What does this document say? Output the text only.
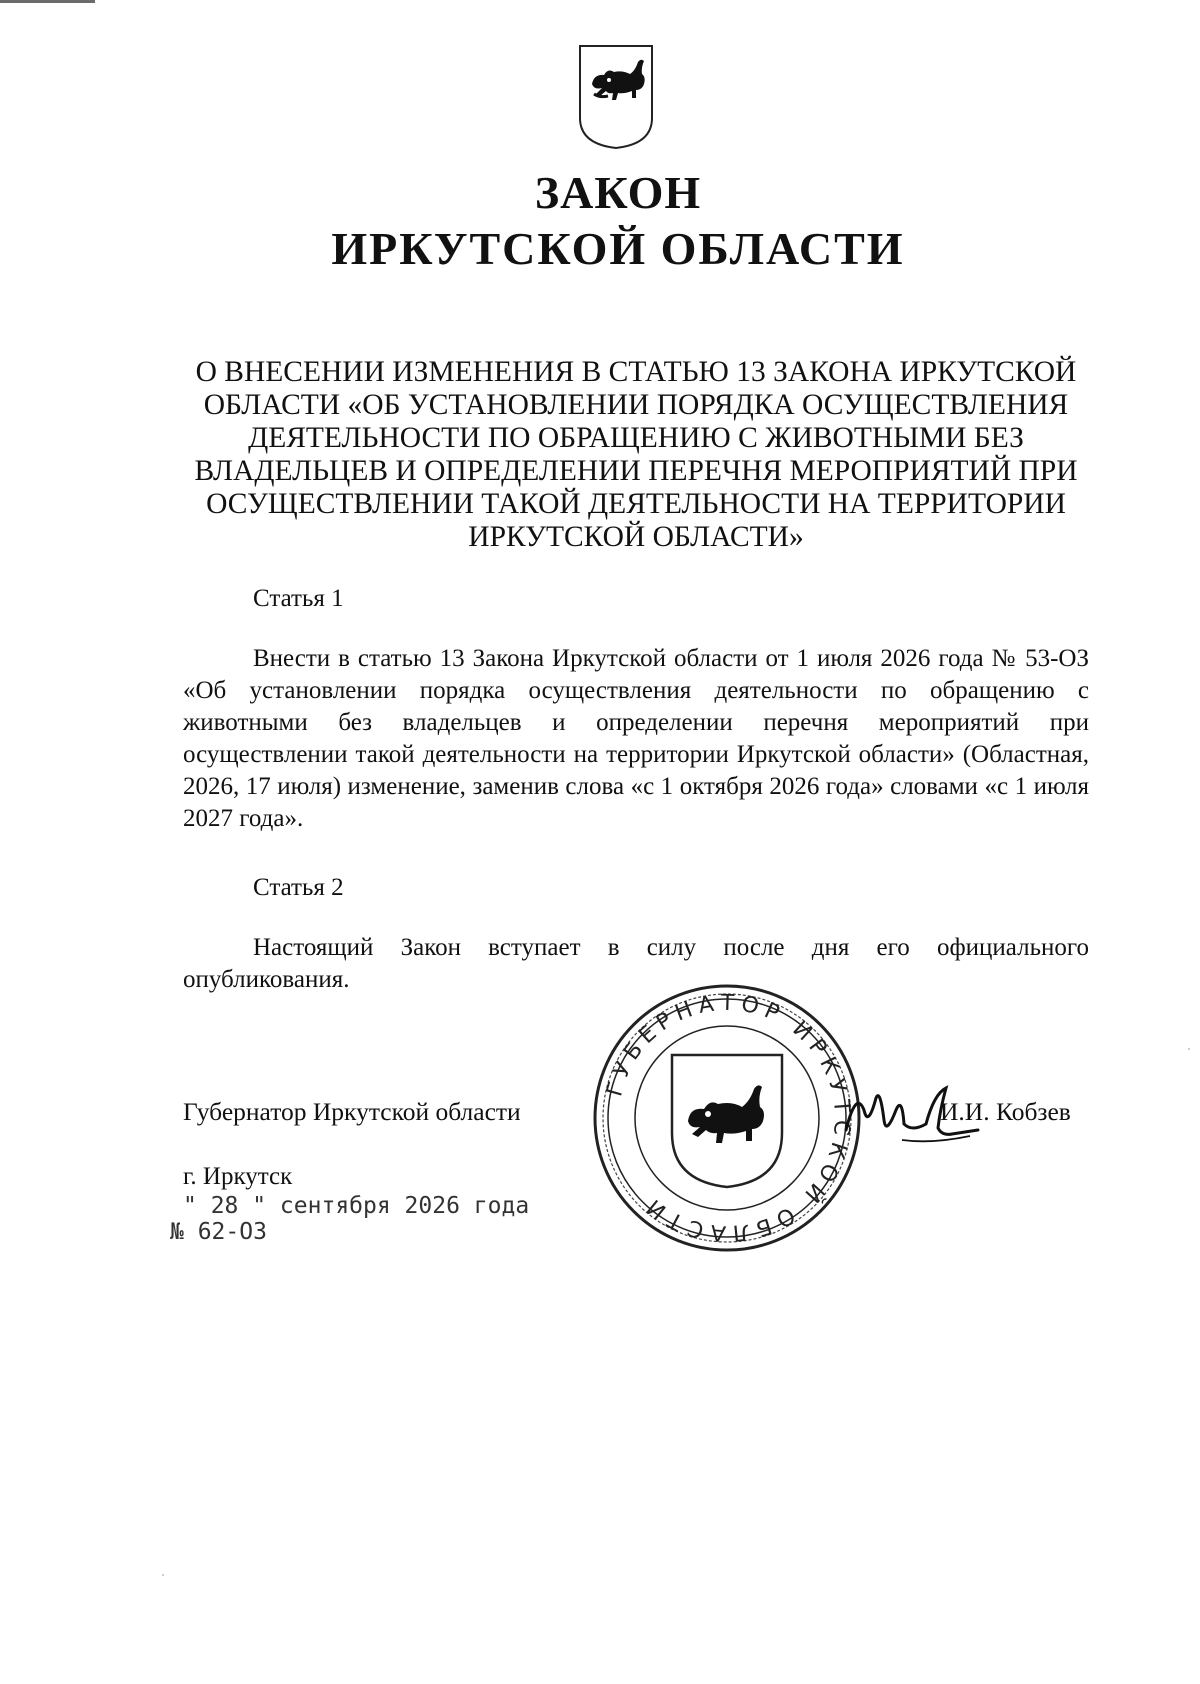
ЗАКОН
ИРКУТСКОЙ ОБЛАСТИ

О ВНЕСЕНИИ ИЗМЕНЕНИЯ В СТАТЬЮ 13 ЗАКОНА ИРКУТСКОЙ ОБЛАСТИ «ОБ УСТАНОВЛЕНИИ ПОРЯДКА ОСУЩЕСТВЛЕНИЯ ДЕЯТЕЛЬНОСТИ ПО ОБРАЩЕНИЮ С ЖИВОТНЫМИ БЕЗ ВЛАДЕЛЬЦЕВ И ОПРЕДЕЛЕНИИ ПЕРЕЧНЯ МЕРОПРИЯТИЙ ПРИ ОСУЩЕСТВЛЕНИИ ТАКОЙ ДЕЯТЕЛЬНОСТИ НА ТЕРРИТОРИИ ИРКУТСКОЙ ОБЛАСТИ»

Статья 1

Внести в статью 13 Закона Иркутской области от 1 июля 2026 года № 53-ОЗ «Об установлении порядка осуществления деятельности по обращению с животными без владельцев и определении перечня мероприятий при осуществлении такой деятельности на территории Иркутской области» (Областная, 2026, 17 июля) изменение, заменив слова «с 1 октября 2026 года» словами «с 1 июля 2027 года».

Статья 2

Настоящий Закон вступает в силу после дня его официального опубликования.

ГУБЕРНАТОР ИРКУТСКОЙ ОБЛАСТИ

Губернатор Иркутской области	И.И. Кобзев

г. Иркутск

" 28 " сентября 2026 года

№ 62-ОЗ
